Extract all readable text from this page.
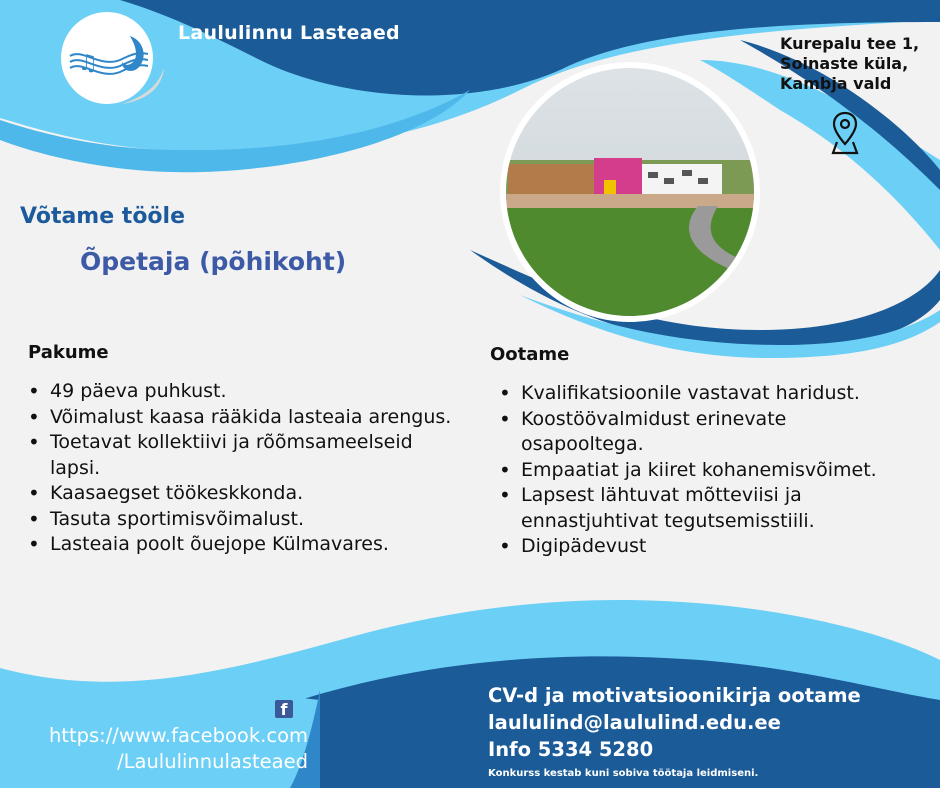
♫
Laululinnu Lasteaed	Kurepalu tee 1,
Soinaste küla,
Kambja vald
Võtame tööle
Õpetaja (põhikoht)
Pakume
• 49 päeva puhkust.
• Võimalust kaasa rääkida lasteaia arengus.
• Toetavat kollektiivi ja rõõmsameelseid lapsi.
• Kaasaegset töökeskkonda.
• Tasuta sportimisvõimalust.
• Lasteaia poolt õuejope Külmavares.
Ootame
• Kvalifikatsioonile vastavat haridust.
• Koostöövalmidust erinevate osapooltega.
• Empaatiat ja kiiret kohanemisvõimet.
• Lapsest lähtuvat mõtteviisi ja ennastjuhtivat tegutsemisstiili.
• Digipädevust
f
https://www.facebook.com
/Laululinnulasteaed
CV-d ja motivatsioonikirja ootame
laululind@laululind.edu.ee
Info 5334 5280
Konkurss kestab kuni sobiva töötaja leidmiseni.
